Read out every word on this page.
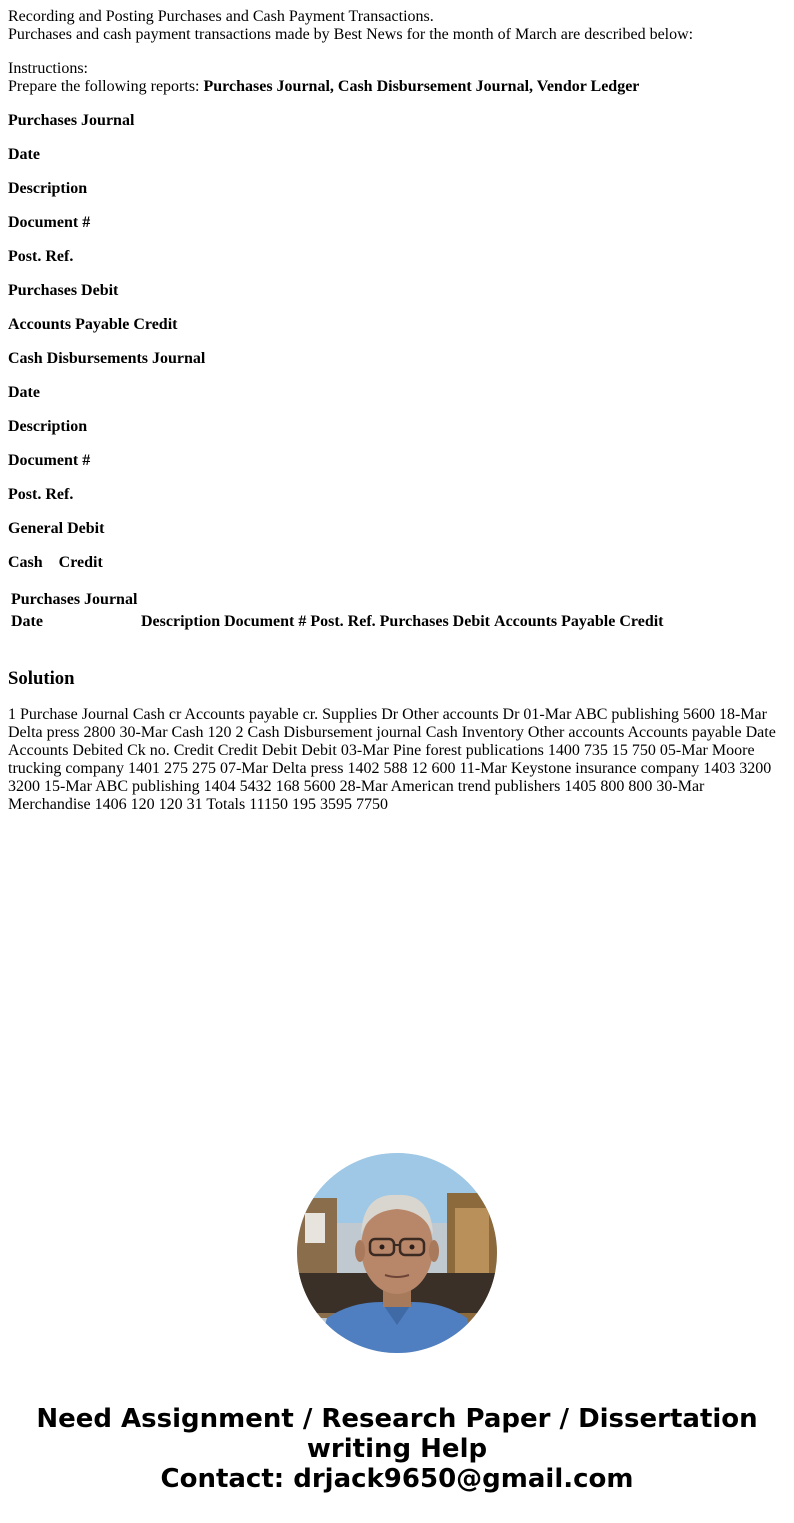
Recording and Posting Purchases and Cash Payment Transactions.

Purchases and cash payment transactions made by Best News for the month of March are described below:

Instructions:

Prepare the following reports: Purchases Journal, Cash Disbursement Journal, Vendor Ledger

Purchases Journal

Date

Description

Document #

Post. Ref.

Purchases Debit

Accounts Payable Credit

Cash Disbursements Journal

Date

Description

Document #

Post. Ref.

General Debit

Cash    Credit

Purchases Journal
Date	Description	Document #	Post. Ref.	Purchases Debit	Accounts Payable Credit
Solution

1 Purchase Journal Cash cr Accounts payable cr. Supplies Dr Other accounts Dr 01-Mar ABC publishing 5600 18-Mar Delta press 2800 30-Mar Cash 120 2 Cash Disbursement journal Cash Inventory Other accounts Accounts payable Date Accounts Debited Ck no. Credit Credit Debit Debit 03-Mar Pine forest publications 1400 735 15 750 05-Mar Moore trucking company 1401 275 275 07-Mar Delta press 1402 588 12 600 11-Mar Keystone insurance company 1403 3200 3200 15-Mar ABC publishing 1404 5432 168 5600 28-Mar American trend publishers 1405 800 800 30-Mar Merchandise 1406 120 120 31 Totals 11150 195 3595 7750

Need Assignment / Research Paper / Dissertation
writing Help
Contact: drjack9650@gmail.com
